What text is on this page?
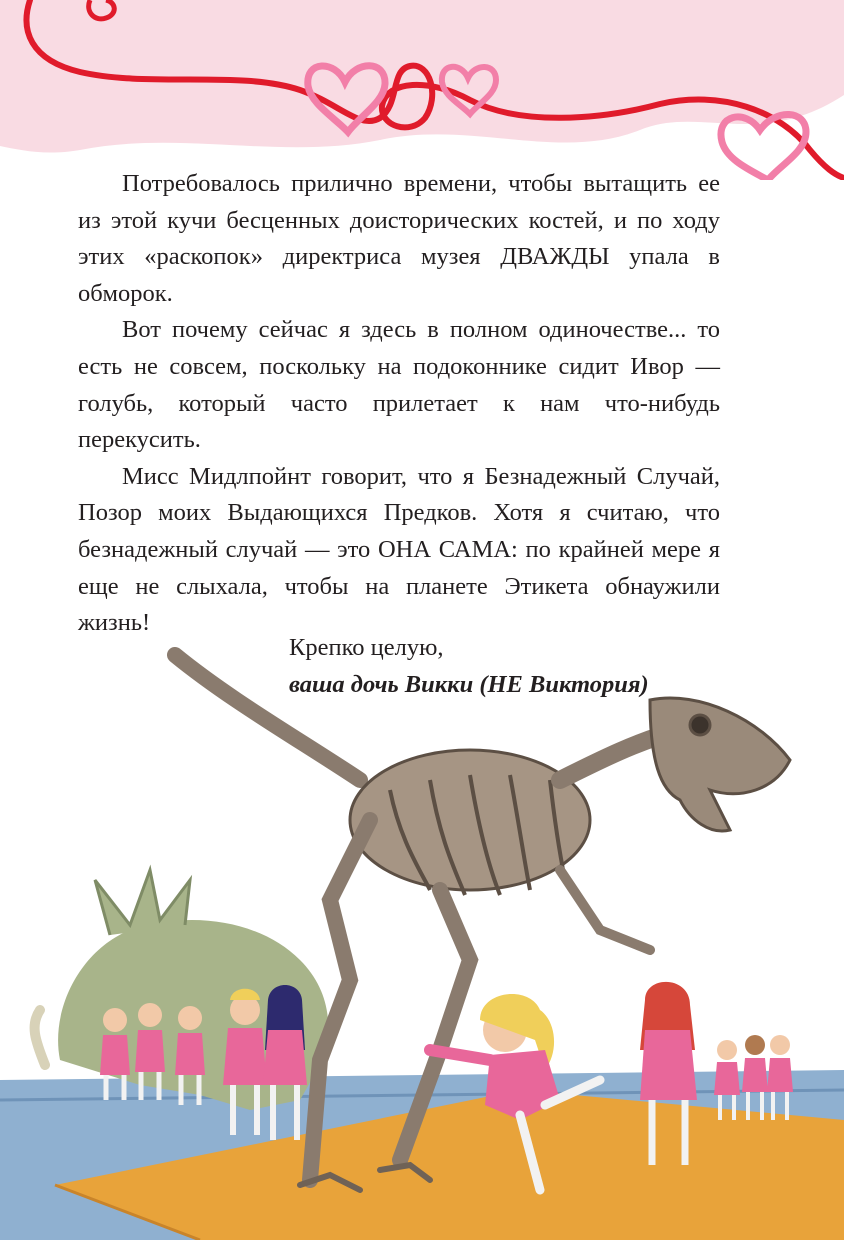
Потребовалось прилично времени, чтобы вытащить ее из этой кучи бесценных доисторических костей, и по ходу этих «раскопок» директриса музея ДВАЖДЫ упала в обморок.

Вот почему сейчас я здесь в полном одиночестве... то есть не совсем, поскольку на подоконнике сидит Ивор — голубь, который часто прилетает к нам что-нибудь перекусить.

Мисс Мидлпойнт говорит, что я Безнадежный Случай, Позор моих Выдающихся Предков. Хотя я считаю, что безнадежный случай — это ОНА САМА: по крайней мере я еще не слыхала, чтобы на планете Этикета обнаужили жизнь!

Крепко целую,
ваша дочь Викки (НЕ Виктория)
